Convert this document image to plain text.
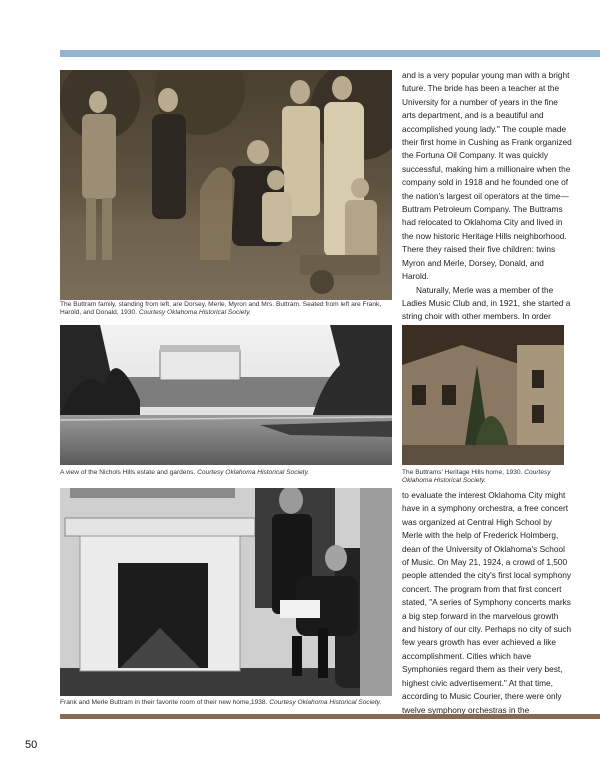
The Buttram family, standing from left, are Dorsey, Merle, Myron and Mrs. Buttram. Seated from left are Frank, Harold, and Donald, 1930. Courtesy Oklahoma Historical Society.

and is a very popular young man with a bright future. The bride has been a teacher at the University for a number of years in the fine arts department, and is a beautiful and accomplished young lady." The couple made their first home in Cushing as Frank organized the Fortuna Oil Company. It was quickly successful, making him a millionaire when the company sold in 1918 and he founded one of the nation's largest oil operators at the time—Buttram Petroleum Company. The Buttrams had relocated to Oklahoma City and lived in the now historic Heritage Hills neighborhood. There they raised their five children: twins Myron and Merle, Dorsey, Donald, and Harold.

Naturally, Merle was a member of the Ladies Music Club and, in 1921, she started a string choir with other members. In order

A view of the Nichols Hills estate and gardens. Courtesy Oklahoma Historical Society.	The Buttrams' Heritage Hills home, 1930. Courtesy Oklahoma Historical Society.
Frank and Merle Buttram in their favorite room of their new home,1938. Courtesy Oklahoma Historical Society.

to evaluate the interest Oklahoma City might have in a symphony orchestra, a free concert was organized at Central High School by Merle with the help of Frederick Holmberg, dean of the University of Oklahoma's School of Music. On May 21, 1924, a crowd of 1,500 people attended the city's first local symphony concert. The program from that first concert stated, "A series of Symphony concerts marks a big step forward in the marvelous growth and history of our city. Perhaps no city of such few years growth has ever achieved a like accomplishment. Cities which have Symphonies regard them as their very best, highest civic advertisement." At that time, according to Music Courier, there were only twelve symphony orchestras in the

50
